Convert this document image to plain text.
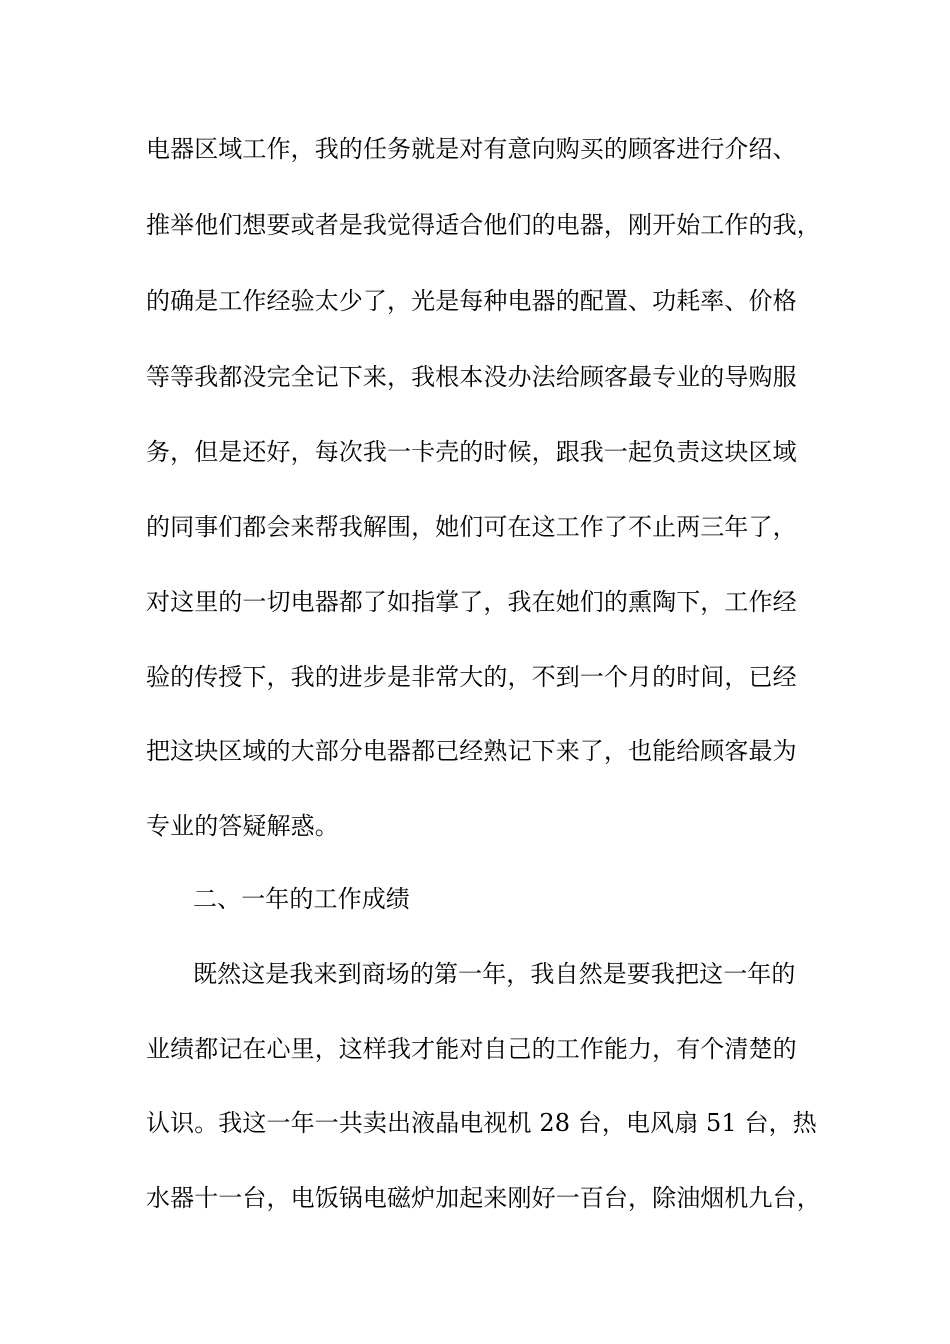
电器区域工作，我的任务就是对有意向购买的顾客进行介绍、
推举他们想要或者是我觉得适合他们的电器，刚开始工作的我，
的确是工作经验太少了，光是每种电器的配置、功耗率、价格
等等我都没完全记下来，我根本没办法给顾客最专业的导购服
务，但是还好，每次我一卡壳的时候，跟我一起负责这块区域
的同事们都会来帮我解围，她们可在这工作了不止两三年了，
对这里的一切电器都了如指掌了，我在她们的熏陶下，工作经
验的传授下，我的进步是非常大的，不到一个月的时间，已经
把这块区域的大部分电器都已经熟记下来了，也能给顾客最为
专业的答疑解惑。
二、一年的工作成绩
既然这是我来到商场的第一年，我自然是要我把这一年的
业绩都记在心里，这样我才能对自己的工作能力，有个清楚的
认识。我这一年一共卖出液晶电视机 28 台，电风扇 51 台，热
水器十一台，电饭锅电磁炉加起来刚好一百台，除油烟机九台，
